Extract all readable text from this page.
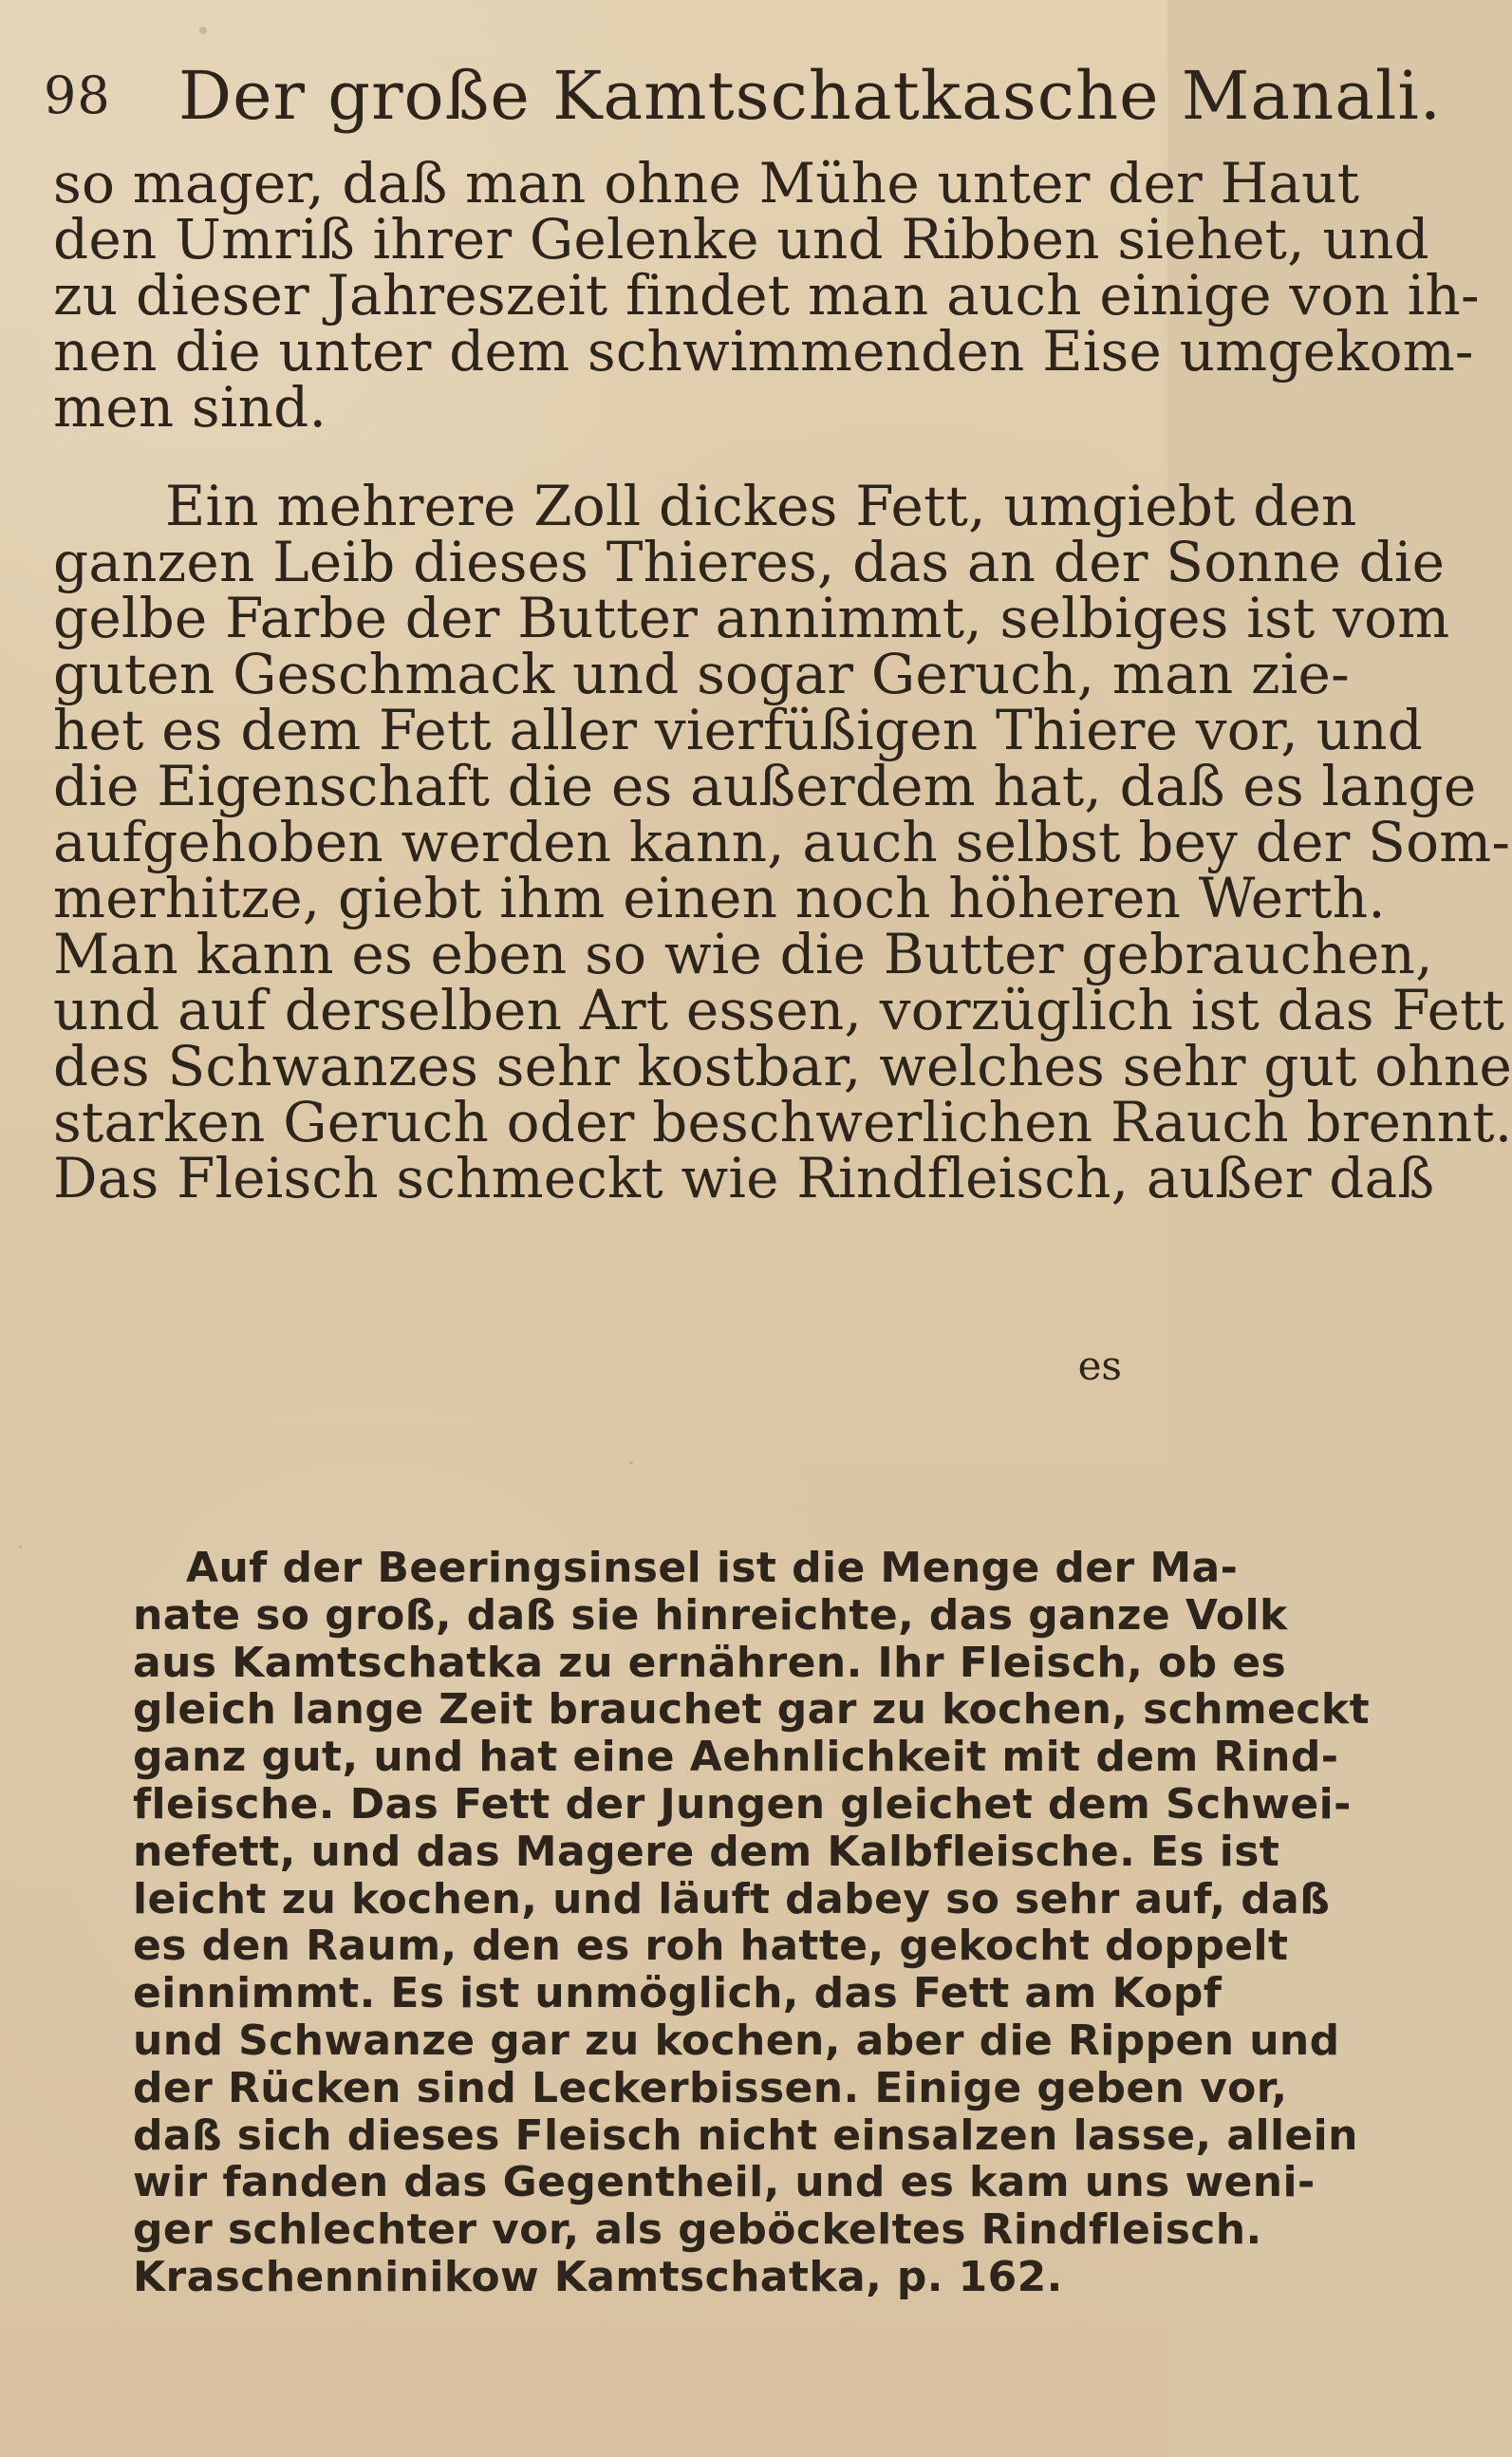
98 Der große Kamtschatkasche Manali.
so mager, daß man ohne Mühe unter der Haut
den Umriß ihrer Gelenke und Ribben siehet, und
zu dieser Jahreszeit findet man auch einige von ih-
nen die unter dem schwimmenden Eise umgekom-
men sind.
Ein mehrere Zoll dickes Fett, umgiebt den
ganzen Leib dieses Thieres, das an der Sonne die
gelbe Farbe der Butter annimmt, selbiges ist vom
guten Geschmack und sogar Geruch, man zie-
het es dem Fett aller vierfüßigen Thiere vor, und
die Eigenschaft die es außerdem hat, daß es lange
aufgehoben werden kann, auch selbst bey der Som-
merhitze, giebt ihm einen noch höheren Werth.
Man kann es eben so wie die Butter gebrauchen,
und auf derselben Art essen, vorzüglich ist das Fett
des Schwanzes sehr kostbar, welches sehr gut ohne
starken Geruch oder beschwerlichen Rauch brennt.
Das Fleisch schmeckt wie Rindfleisch, außer daß
es
Auf der Beeringsinsel ist die Menge der Ma-
nate so groß, daß sie hinreichte, das ganze Volk
aus Kamtschatka zu ernähren. Ihr Fleisch, ob es
gleich lange Zeit brauchet gar zu kochen, schmeckt
ganz gut, und hat eine Aehnlichkeit mit dem Rind-
fleische. Das Fett der Jungen gleichet dem Schwei-
nefett, und das Magere dem Kalbfleische. Es ist
leicht zu kochen, und läuft dabey so sehr auf, daß
es den Raum, den es roh hatte, gekocht doppelt
einnimmt. Es ist unmöglich, das Fett am Kopf
und Schwanze gar zu kochen, aber die Rippen und
der Rücken sind Leckerbissen. Einige geben vor,
daß sich dieses Fleisch nicht einsalzen lasse, allein
wir fanden das Gegentheil, und es kam uns weni-
ger schlechter vor, als geböckeltes Rindfleisch.
Kraschenninikow Kamtschatka, p. 162.
